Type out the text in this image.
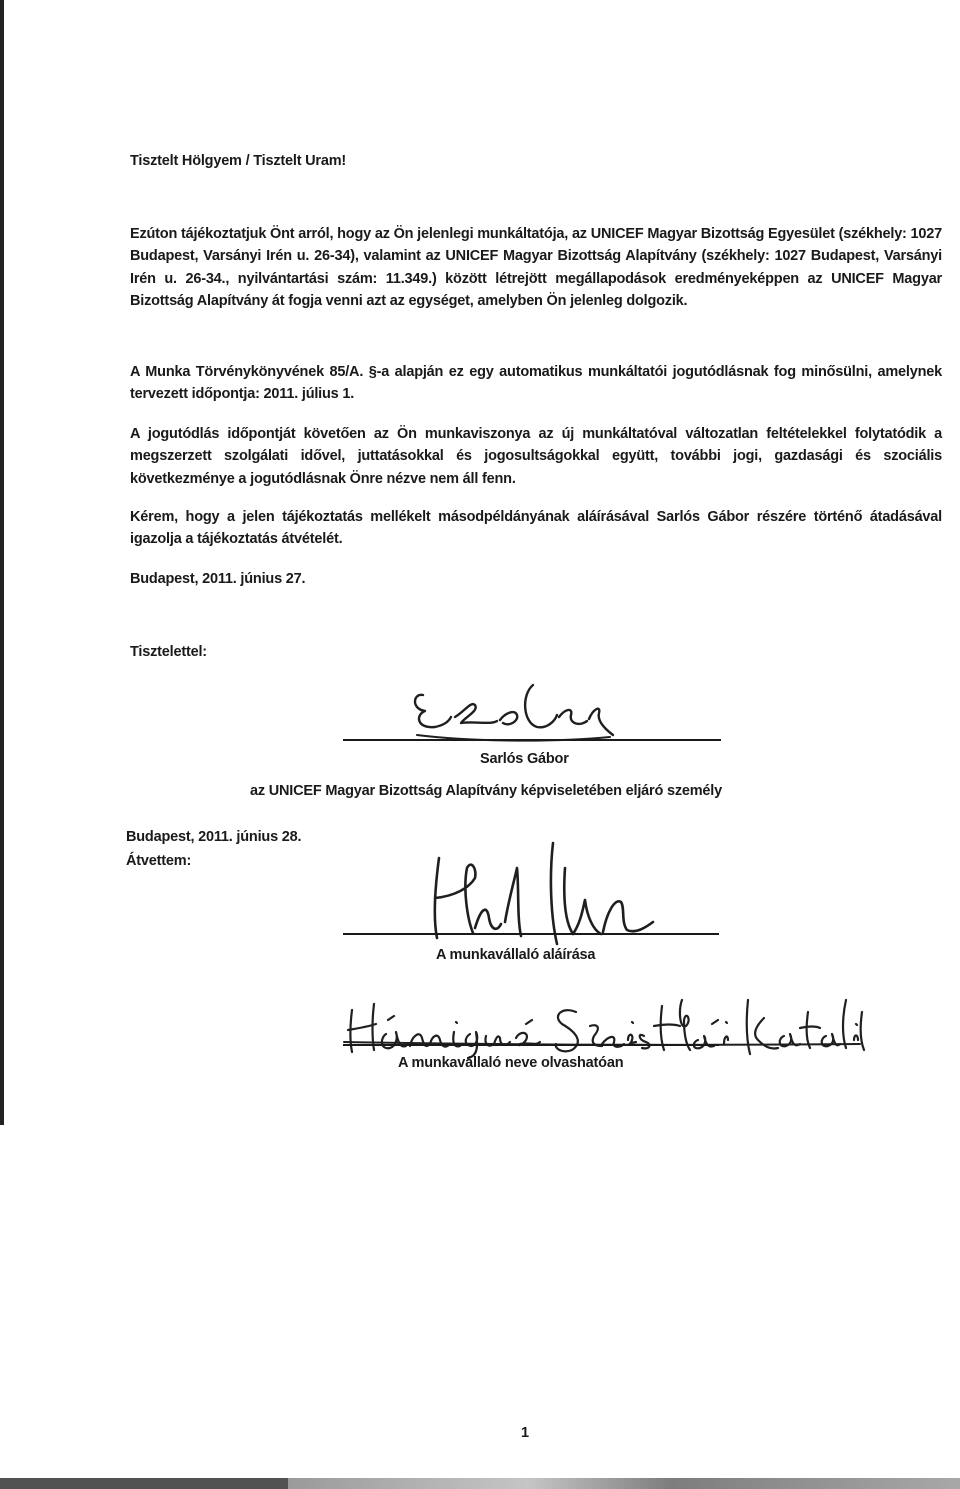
Tisztelt Hölgyem / Tisztelt Uram!

Ezúton tájékoztatjuk Önt arról, hogy az Ön jelenlegi munkáltatója, az UNICEF Magyar Bizottság Egyesület (székhely: 1027 Budapest, Varsányi Irén u. 26-34), valamint az UNICEF Magyar Bizottság Alapítvány (székhely: 1027 Budapest, Varsányi Irén u. 26-34., nyilvántartási szám: 11.349.) között létrejött megállapodások eredményeképpen az UNICEF Magyar Bizottság Alapítvány át fogja venni azt az egységet, amelyben Ön jelenleg dolgozik.

A Munka Törvénykönyvének 85/A. §-a alapján ez egy automatikus munkáltatói jogutódlásnak fog minősülni, amelynek tervezett időpontja: 2011. július 1.

A jogutódlás időpontját követően az Ön munkaviszonya az új munkáltatóval változatlan feltételekkel folytatódik a megszerzett szolgálati idővel, juttatásokkal és jogosultságokkal együtt, további jogi, gazdasági és szociális következménye a jogutódlásnak Önre nézve nem áll fenn.

Kérem, hogy a jelen tájékoztatás mellékelt másodpéldányának aláírásával Sarlós Gábor részére történő átadásával igazolja a tájékoztatás átvételét.

Budapest, 2011. június 27.
Tisztelettel:
Sarlós Gábor
az UNICEF Magyar Bizottság Alapítvány képviseletében eljáró személy
Budapest, 2011. június 28.
Átvettem:
A munkavállaló aláírása
A munkavállaló neve olvashatóan
1
